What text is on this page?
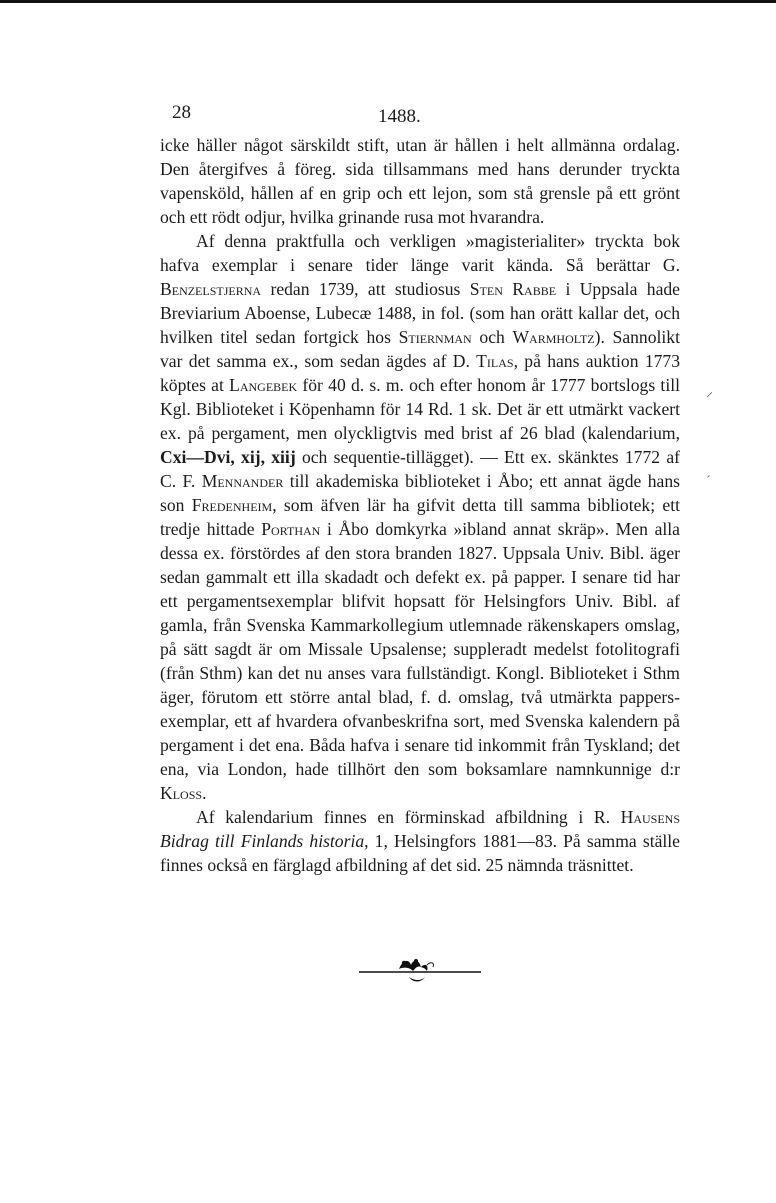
28	1488.

icke häller något särskildt stift, utan är hållen i helt allmänna ordalag. Den återgifves å föreg. sida tillsammans med hans derunder tryckta vapensköld, hållen af en grip och ett lejon, som stå grensle på ett grönt och ett rödt odjur, hvilka grinande rusa mot hvarandra.

Af denna praktfulla och verkligen »magisterialiter» tryckta bok hafva exemplar i senare tider länge varit kända. Så berättar G. Benzelstjerna redan 1739, att studiosus Sten Rabbe i Uppsala hade Breviarium Aboense, Lubecæ 1488, in fol. (som han orätt kallar det, och hvilken titel sedan fortgick hos Stiernman och Warmholtz). Sannolikt var det samma ex., som sedan ägdes af D. Tilas, på hans auktion 1773 köptes at Langebek för 40 d. s. m. och efter honom år 1777 bortslogs till Kgl. Biblioteket i Köpenhamn för 14 Rd. 1 sk. Det är ett utmärkt vackert ex. på pergament, men olyckligtvis med brist af 26 blad (kalendarium, Cxi—Dvi, xij, xiij och sequentie-tillägget). — Ett ex. skänktes 1772 af C. F. Mennander till akademiska biblioteket i Åbo; ett annat ägde hans son Fredenheim, som äfven lär ha gifvit detta till samma bibliotek; ett tredje hittade Porthan i Åbo domkyrka »ibland annat skräp». Men alla dessa ex. förstördes af den stora branden 1827. Uppsala Univ. Bibl. äger sedan gammalt ett illa skadadt och defekt ex. på papper. I senare tid har ett pergamentsexemplar blifvit hopsatt för Helsingfors Univ. Bibl. af gamla, från Svenska Kammarkollegium utlemnade räkenskapers omslag, på sätt sagdt är om Missale Upsalense; suppleradt medelst fotolitografi (från Sthm) kan det nu anses vara fullständigt. Kongl. Biblioteket i Sthm äger, förutom ett större antal blad, f. d. omslag, två utmärkta pappers-exemplar, ett af hvardera ofvanbeskrifna sort, med Svenska kalendern på pergament i det ena. Båda hafva i senare tid inkommit från Tyskland; det ena, via London, hade tillhört den som boksamlare namnkunnige d:r Kloss.

Af kalendarium finnes en förminskad afbildning i R. Hausens Bidrag till Finlands historia, 1, Helsingfors 1881—83. På samma ställe finnes också en färglagd afbildning af det sid. 25 nämnda träsnittet.

⸍
´
